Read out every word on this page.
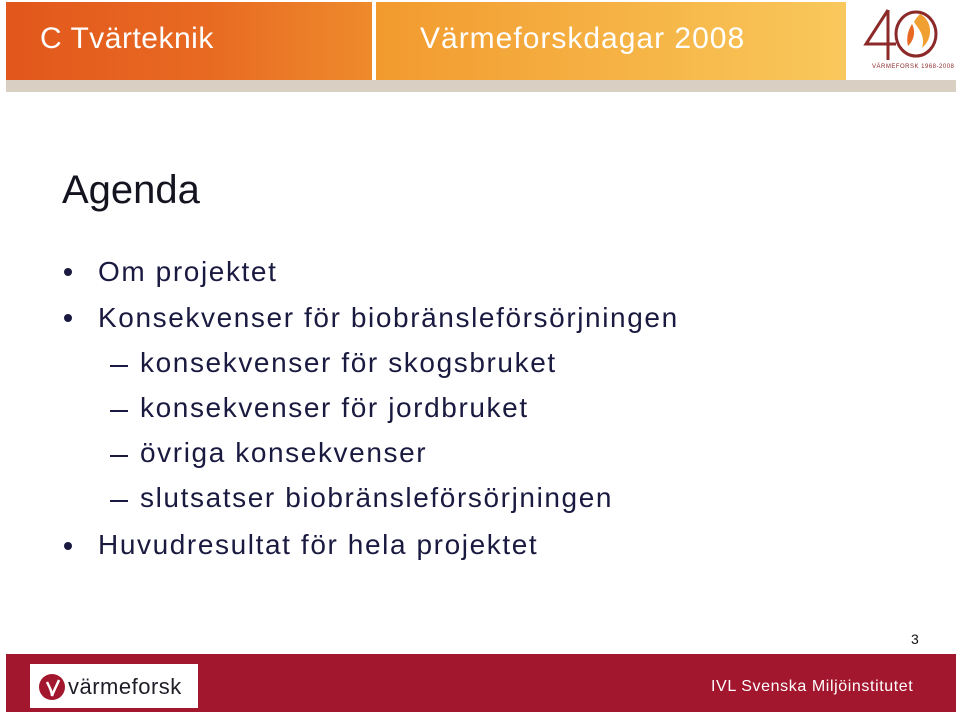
C Tvärteknik	Värmeforskdagar 2008
VÄRMEFORSK 1968-2008
Agenda
Om projektet
Konsekvenser för biobränsleförsörjningen
konsekvenser för skogsbruket
konsekvenser för jordbruket
övriga konsekvenser
slutsatser biobränsleförsörjningen
Huvudresultat för hela projektet
3
värmeforsk	IVL Svenska Miljöinstitutet
